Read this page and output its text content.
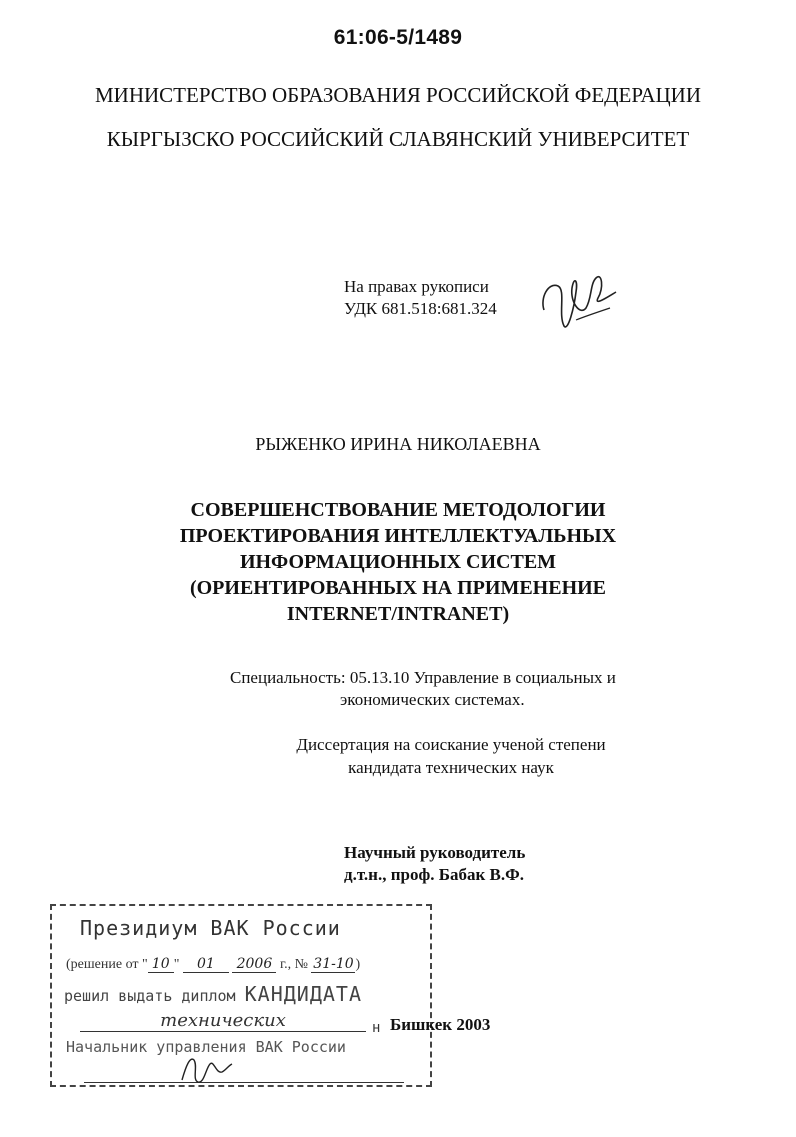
61:06-5/1489
МИНИСТЕРСТВО ОБРАЗОВАНИЯ РОССИЙСКОЙ ФЕДЕРАЦИИ
КЫРГЫЗСКО РОССИЙСКИЙ СЛАВЯНСКИЙ УНИВЕРСИТЕТ
На правах рукописи
УДК 681.518:681.324
РЫЖЕНКО ИРИНА НИКОЛАЕВНА
СОВЕРШЕНСТВОВАНИЕ МЕТОДОЛОГИИ
ПРОЕКТИРОВАНИЯ ИНТЕЛЛЕКТУАЛЬНЫХ
ИНФОРМАЦИОННЫХ СИСТЕМ
(ОРИЕНТИРОВАННЫХ НА ПРИМЕНЕНИЕ
INTERNET/INTRANET)
Специальность: 05.13.10 Управление в социальных и
экономических системах.
Диссертация на соискание ученой степени
кандидата технических наук
Научный руководитель
д.т.н., проф. Бабак В.Ф.
Президиум ВАК России
(решение от " 10 " 01 2006 г., № 31-10 )
решил выдать диплом КАНДИДАТА
технических	н
Начальник управления ВАК России
Бишкек 2003
